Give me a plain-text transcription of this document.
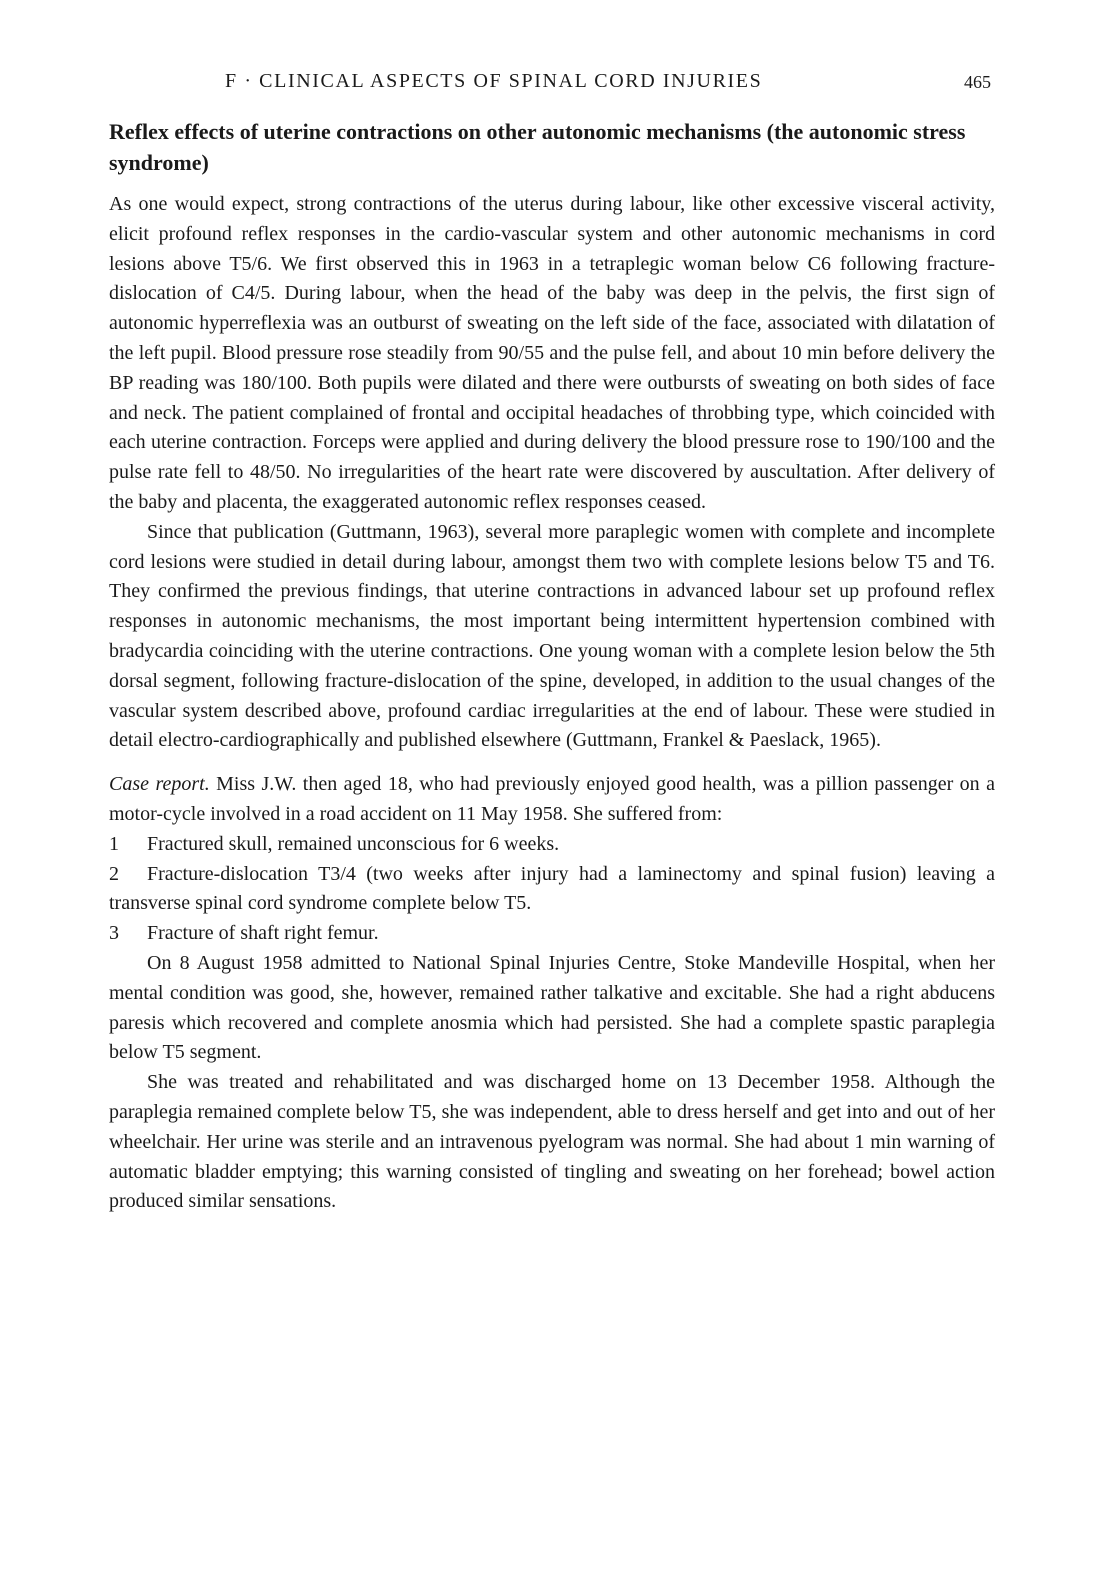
F · CLINICAL ASPECTS OF SPINAL CORD INJURIES	465
Reflex effects of uterine contractions on other autonomic mechanisms (the autonomic stress syndrome)

As one would expect, strong contractions of the uterus during labour, like other excessive visceral activity, elicit profound reflex responses in the cardio-vascular system and other autonomic mechanisms in cord lesions above T5/6. We first observed this in 1963 in a tetraplegic woman below C6 following fracture-dislocation of C4/5. During labour, when the head of the baby was deep in the pelvis, the first sign of autonomic hyperreflexia was an outburst of sweating on the left side of the face, associated with dilatation of the left pupil. Blood pressure rose steadily from 90/55 and the pulse fell, and about 10 min before delivery the BP reading was 180/100. Both pupils were dilated and there were outbursts of sweating on both sides of face and neck. The patient complained of frontal and occipital headaches of throbbing type, which coincided with each uterine contraction. Forceps were applied and during delivery the blood pressure rose to 190/100 and the pulse rate fell to 48/50. No irregularities of the heart rate were discovered by auscultation. After delivery of the baby and placenta, the exaggerated autonomic reflex responses ceased.

Since that publication (Guttmann, 1963), several more paraplegic women with complete and incomplete cord lesions were studied in detail during labour, amongst them two with complete lesions below T5 and T6. They confirmed the previous findings, that uterine contractions in advanced labour set up profound reflex responses in autonomic mechanisms, the most important being intermittent hypertension combined with bradycardia coinciding with the uterine contractions. One young woman with a complete lesion below the 5th dorsal segment, following fracture-dislocation of the spine, developed, in addition to the usual changes of the vascular system described above, profound cardiac irregularities at the end of labour. These were studied in detail electro-cardiographically and published elsewhere (Guttmann, Frankel & Paeslack, 1965).

Case report. Miss J.W. then aged 18, who had previously enjoyed good health, was a pillion passenger on a motor-cycle involved in a road accident on 11 May 1958. She suffered from:

1 Fractured skull, remained unconscious for 6 weeks.

2 Fracture-dislocation T3/4 (two weeks after injury had a laminectomy and spinal fusion) leaving a transverse spinal cord syndrome complete below T5.

3 Fracture of shaft right femur.

On 8 August 1958 admitted to National Spinal Injuries Centre, Stoke Mandeville Hospital, when her mental condition was good, she, however, remained rather talkative and excitable. She had a right abducens paresis which recovered and complete anosmia which had persisted. She had a complete spastic paraplegia below T5 segment.

She was treated and rehabilitated and was discharged home on 13 December 1958. Although the paraplegia remained complete below T5, she was independent, able to dress herself and get into and out of her wheelchair. Her urine was sterile and an intravenous pyelogram was normal. She had about 1 min warning of automatic bladder emptying; this warning consisted of tingling and sweating on her forehead; bowel action produced similar sensations.
